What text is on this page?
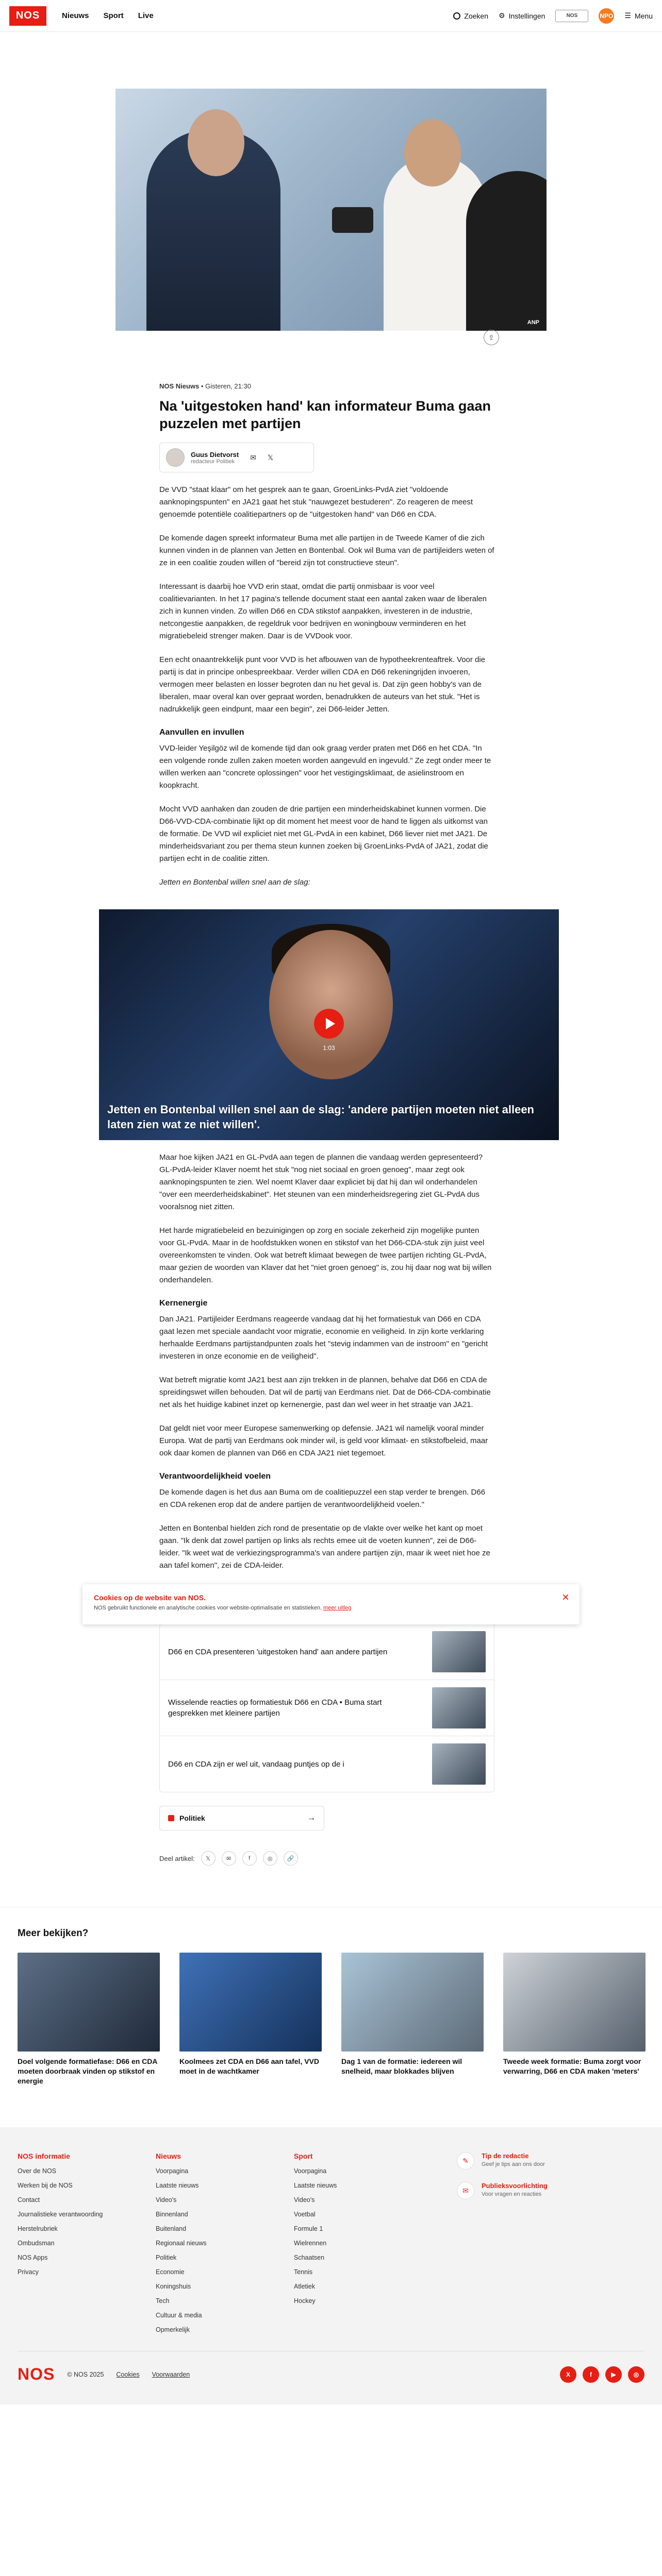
NOS	Nieuws Sport Live	Zoeken ⚙ Instellingen	NOS	NPO ☰ Menu
ANP
⇪
Cookies op de website van NOS.
NOS gebruikt functionele en analytische cookies voor website-optimalisatie en statistieken. meer uitleg
×
NOS Nieuws • Gisteren, 21:30
Na 'uitgestoken hand' kan informateur Buma gaan puzzelen met partijen
Guus Dietvorst
redacteur Politiek	✉ 𝕏

De VVD "staat klaar" om het gesprek aan te gaan, GroenLinks-PvdA ziet "voldoende aanknopingspunten" en JA21 gaat het stuk "nauwgezet bestuderen". Zo reageren de meest genoemde potentiële coalitiepartners op de "uitgestoken hand" van D66 en CDA.

De komende dagen spreekt informateur Buma met alle partijen in de Tweede Kamer of die zich kunnen vinden in de plannen van Jetten en Bontenbal. Ook wil Buma van de partijleiders weten of ze in een coalitie zouden willen of "bereid zijn tot constructieve steun".

Interessant is daarbij hoe VVD erin staat, omdat die partij onmisbaar is voor veel coalitievarianten. In het 17 pagina's tellende document staat een aantal zaken waar de liberalen zich in kunnen vinden. Zo willen D66 en CDA stikstof aanpakken, investeren in de industrie, netcongestie aanpakken, de regeldruk voor bedrijven en woningbouw verminderen en het migratiebeleid strenger maken. Daar is de VVDook voor.

Een echt onaantrekkelijk punt voor VVD is het afbouwen van de hypotheekrenteaftrek. Voor die partij is dat in principe onbespreekbaar. Verder willen CDA en D66 rekeningrijden invoeren, vermogen meer belasten en losser begroten dan nu het geval is. Dat zijn geen hobby's van de liberalen, maar overal kan over gepraat worden, benadrukken de auteurs van het stuk. "Het is nadrukkelijk geen eindpunt, maar een begin", zei D66-leider Jetten.

Aanvullen en invullen

VVD-leider Yeşilgöz wil de komende tijd dan ook graag verder praten met D66 en het CDA. "In een volgende ronde zullen zaken moeten worden aangevuld en ingevuld." Ze zegt onder meer te willen werken aan "concrete oplossingen" voor het vestigingsklimaat, de asielinstroom en koopkracht.

Mocht VVD aanhaken dan zouden de drie partijen een minderheidskabinet kunnen vormen. Die D66-VVD-CDA-combinatie lijkt op dit moment het meest voor de hand te liggen als uitkomst van de formatie. De VVD wil expliciet niet met GL-PvdA in een kabinet, D66 liever niet met JA21. De minderheidsvariant zou per thema steun kunnen zoeken bij GroenLinks-PvdA of JA21, zodat die partijen echt in de coalitie zitten.

Jetten en Bontenbal willen snel aan de slag:

1:03
Jetten en Bontenbal willen snel aan de slag: 'andere partijen moeten niet alleen laten zien wat ze niet willen'.

Maar hoe kijken JA21 en GL-PvdA aan tegen de plannen die vandaag werden gepresenteerd? GL-PvdA-leider Klaver noemt het stuk "nog niet sociaal en groen genoeg", maar zegt ook aanknopingspunten te zien. Wel noemt Klaver daar expliciet bij dat hij dan wil onderhandelen "over een meerderheidskabinet". Het steunen van een minderheidsregering ziet GL-PvdA dus vooralsnog niet zitten.

Het harde migratiebeleid en bezuinigingen op zorg en sociale zekerheid zijn mogelijke punten voor GL-PvdA. Maar in de hoofdstukken wonen en stikstof van het D66-CDA-stuk zijn juist veel overeenkomsten te vinden. Ook wat betreft klimaat bewegen de twee partijen richting GL-PvdA, maar gezien de woorden van Klaver dat het "niet groen genoeg" is, zou hij daar nog wat bij willen onderhandelen.

Kernenergie

Dan JA21. Partijleider Eerdmans reageerde vandaag dat hij het formatiestuk van D66 en CDA gaat lezen met speciale aandacht voor migratie, economie en veiligheid. In zijn korte verklaring herhaalde Eerdmans partijstandpunten zoals het "stevig indammen van de instroom" en "gericht investeren in onze economie en de veiligheid".

Wat betreft migratie komt JA21 best aan zijn trekken in de plannen, behalve dat D66 en CDA de spreidingswet willen behouden. Dat wil de partij van Eerdmans niet. Dat de D66-CDA-combinatie net als het huidige kabinet inzet op kernenergie, past dan wel weer in het straatje van JA21.

Dat geldt niet voor meer Europese samenwerking op defensie. JA21 wil namelijk vooral minder Europa. Wat de partij van Eerdmans ook minder wil, is geld voor klimaat- en stikstofbeleid, maar ook daar komen de plannen van D66 en CDA JA21 niet tegemoet.

Verantwoordelijkheid voelen

De komende dagen is het dus aan Buma om de coalitiepuzzel een stap verder te brengen. D66 en CDA rekenen erop dat de andere partijen de verantwoordelijkheid voelen."

Jetten en Bontenbal hielden zich rond de presentatie op de vlakte over welke het kant op moet gaan. "Ik denk dat zowel partijen op links als rechts emee uit de voeten kunnen", zei de D66-leider. "Ik weet wat de verkiezingsprogramma's van andere partijen zijn, maar ik weet niet hoe ze aan tafel komen", zei de CDA-leider.

D66 en CDA presenteren 'uitgestoken hand' aan andere partijen
Wisselende reacties op formatiestuk D66 en CDA • Buma start gesprekken met kleinere partijen
D66 en CDA zijn er wel uit, vandaag puntjes op de i
Politiek	→
Deel artikel:	𝕏	✉	f	◎	🔗
Meer bekijken?
Doel volgende formatiefase: D66 en CDA moeten doorbraak vinden op stikstof en energie
Koolmees zet CDA en D66 aan tafel, VVD moet in de wachtkamer
Dag 1 van de formatie: iedereen wil snelheid, maar blokkades blijven
Tweede week formatie: Buma zorgt voor verwarring, D66 en CDA maken 'meters'
NOS informatie
Over de NOS
Werken bij de NOS
Contact
Journalistieke verantwoording
Herstelrubriek
Ombudsman
NOS Apps
Privacy
Nieuws
Voorpagina
Laatste nieuws
Video's
Binnenland
Buitenland
Regionaal nieuws
Politiek
Economie
Koningshuis
Tech
Cultuur & media
Opmerkelijk
Sport
Voorpagina
Laatste nieuws
Video's
Voetbal
Formule 1
Wielrennen
Schaatsen
Tennis
Atletiek
Hockey
✎
Tip de redactie
Geef je tips aan ons door
✉
Publieksvoorlichting
Voor vragen en reacties
NOS © NOS 2025 Cookies Voorwaarden	X	f	▶	◎
